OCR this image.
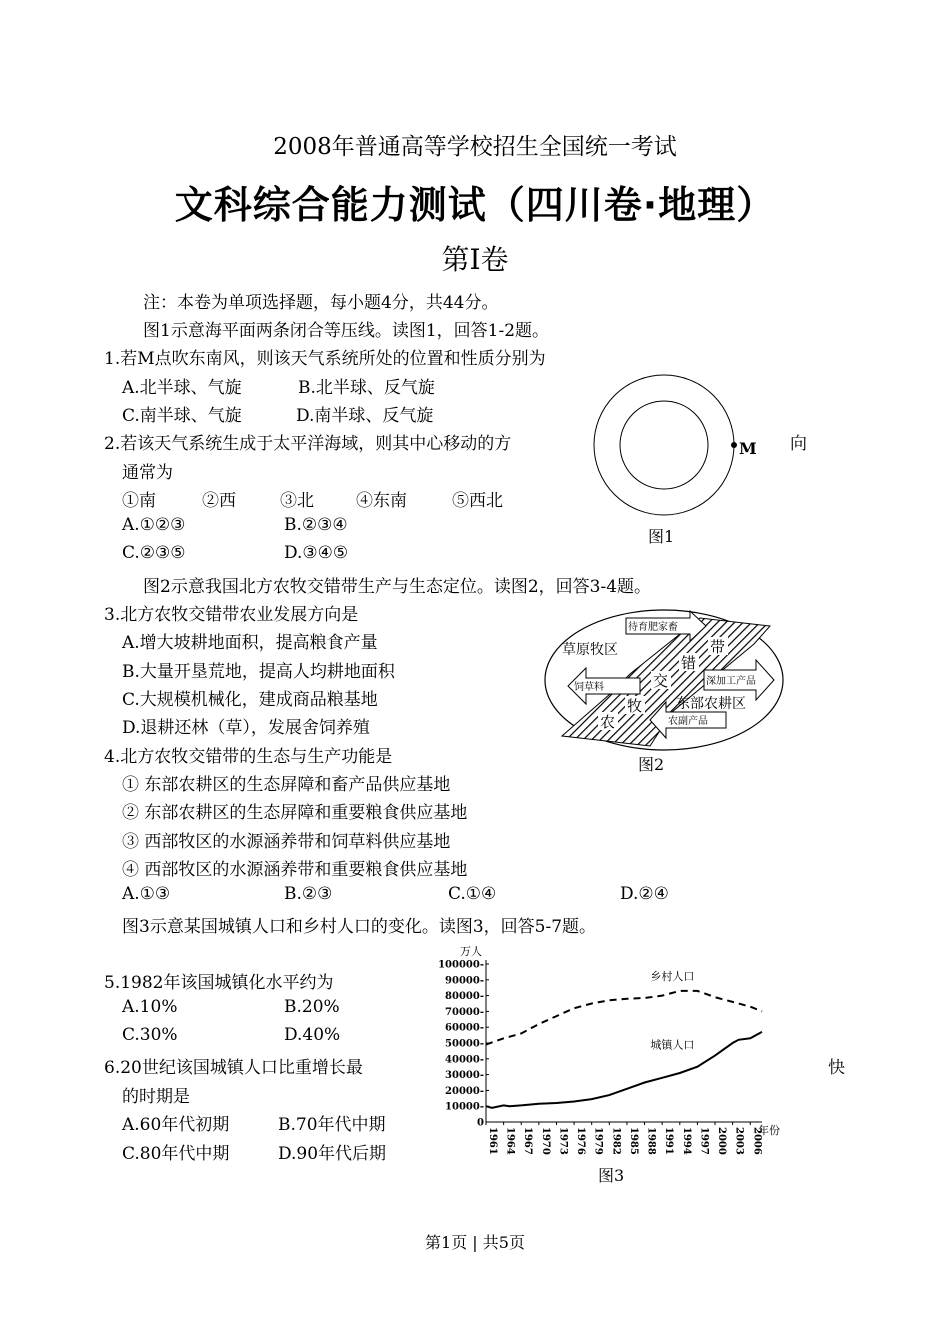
2008年普通高等学校招生全国统一考试
文科综合能力测试（四川卷·地理）
第Ⅰ卷
注：本卷为单项选择题，每小题4分，共44分。
图1示意海平面两条闭合等压线。读图1，回答1-2题。
1.若M点吹东南风，则该天气系统所处的位置和性质分别为
A.北半球、气旋	B.北半球、反气旋
C.南半球、气旋	D.南半球、反气旋
2.若该天气系统生成于太平洋海域，则其中心移动的方	向
通常为
①南	②西	③北 ④东南	⑤西北
A.①②③	B.②③④
C.②③⑤	D.③④⑤
M
图1
图2示意我国北方农牧交错带生产与生态定位。读图2，回答3-4题。
3.北方农牧交错带农业发展方向是
A.增大坡耕地面积，提高粮食产量
B.大量开垦荒地，提高人均耕地面积
C.大规模机械化，建成商品粮基地
D.退耕还林（草），发展舍饲养殖
草原牧区
东部农耕区
待育肥家畜
深加工产品
饲草料
农副产品
带
错
交
牧
农
图2
4.北方农牧交错带的生态与生产功能是
① 东部农耕区的生态屏障和畜产品供应基地
② 东部农耕区的生态屏障和重要粮食供应基地
③ 西部牧区的水源涵养带和饲草料供应基地
④ 西部牧区的水源涵养带和重要粮食供应基地
A.①③	B.②③	C.①④	D.②④
图3示意某国城镇人口和乡村人口的变化。读图3，回答5-7题。
5.1982年该国城镇化水平约为
A.10%	B.20%
C.30%	D.40%
6.20世纪该国城镇人口比重增长最	快
的时期是
A.60年代初期	B.70年代中期
C.80年代中期	D.90年代后期
万人
年份
0
10000-
20000-
30000-
40000-
50000-
60000-
70000-
80000-
90000-
100000-
1961 1964 1967 1970 1973 1976 1979 1982 1985 1988 1991 1994 1997 2000 2003 2006
乡村人口
城镇人口
图3
第1页 | 共5页
